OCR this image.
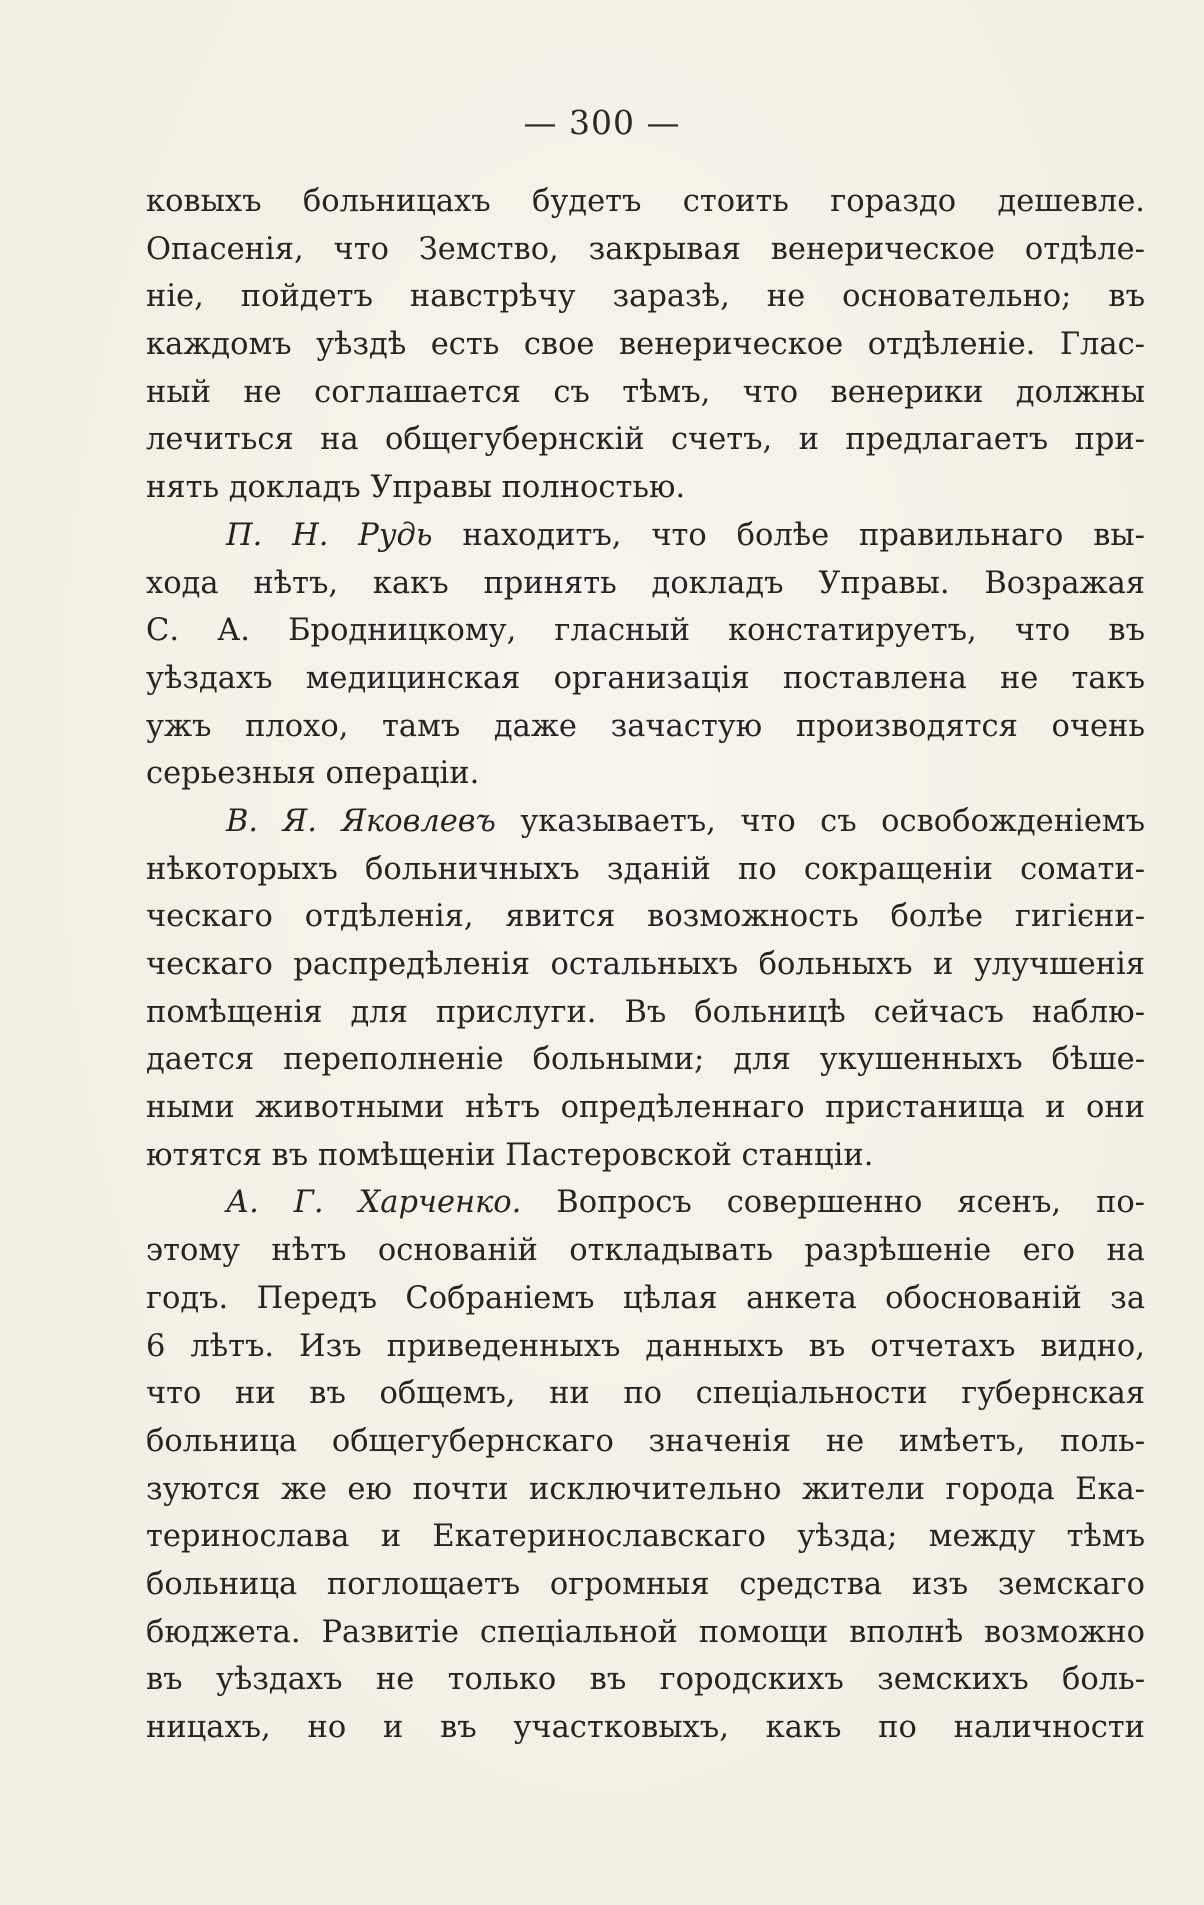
— 300 —
ковыхъ больницахъ будетъ стоить гораздо дешевле.
Опасенія, что Земство, закрывая венерическое отдѣле-
ніе, пойдетъ навстрѣчу заразѣ, не основательно; въ
каждомъ уѣздѣ есть свое венерическое отдѣленіе. Глас-
ный не соглашается съ тѣмъ, что венерики должны
лечиться на общегубернскій счетъ, и предлагаетъ при-
нять докладъ Управы полностью.
П. Н. Рудь находитъ, что болѣе правильнаго вы-
хода нѣтъ, какъ принять докладъ Управы. Возражая
С. А. Бродницкому, гласный констатируетъ, что въ
уѣздахъ медицинская организація поставлена не такъ
ужъ плохо, тамъ даже зачастую производятся очень
серьезныя операціи.
В. Я. Яковлевъ указываетъ, что съ освобожденіемъ
нѣкоторыхъ больничныхъ зданій по сокращеніи сомати-
ческаго отдѣленія, явится возможность болѣе гигієни-
ческаго распредѣленія остальныхъ больныхъ и улучшенія
помѣщенія для прислуги. Въ больницѣ сейчасъ наблю-
дается переполненіе больными; для укушенныхъ бѣше-
ными животными нѣтъ опредѣленнаго пристанища и они
ютятся въ помѣщеніи Пастеровской станціи.
А. Г. Харченко. Вопросъ совершенно ясенъ, по-
этому нѣтъ основаній откладывать разрѣшеніе его на
годъ. Передъ Собраніемъ цѣлая анкета обоснованій за
6 лѣтъ. Изъ приведенныхъ данныхъ въ отчетахъ видно,
что ни въ общемъ, ни по спеціальности губернская
больница общегубернскаго значенія не имѣетъ, поль-
зуются же ею почти исключительно жители города Ека-
теринослава и Екатеринославскаго уѣзда; между тѣмъ
больница поглощаетъ огромныя средства изъ земскаго
бюджета. Развитіе спеціальной помощи вполнѣ возможно
въ уѣздахъ не только въ городскихъ земскихъ боль-
ницахъ, но и въ участковыхъ, какъ по наличности
